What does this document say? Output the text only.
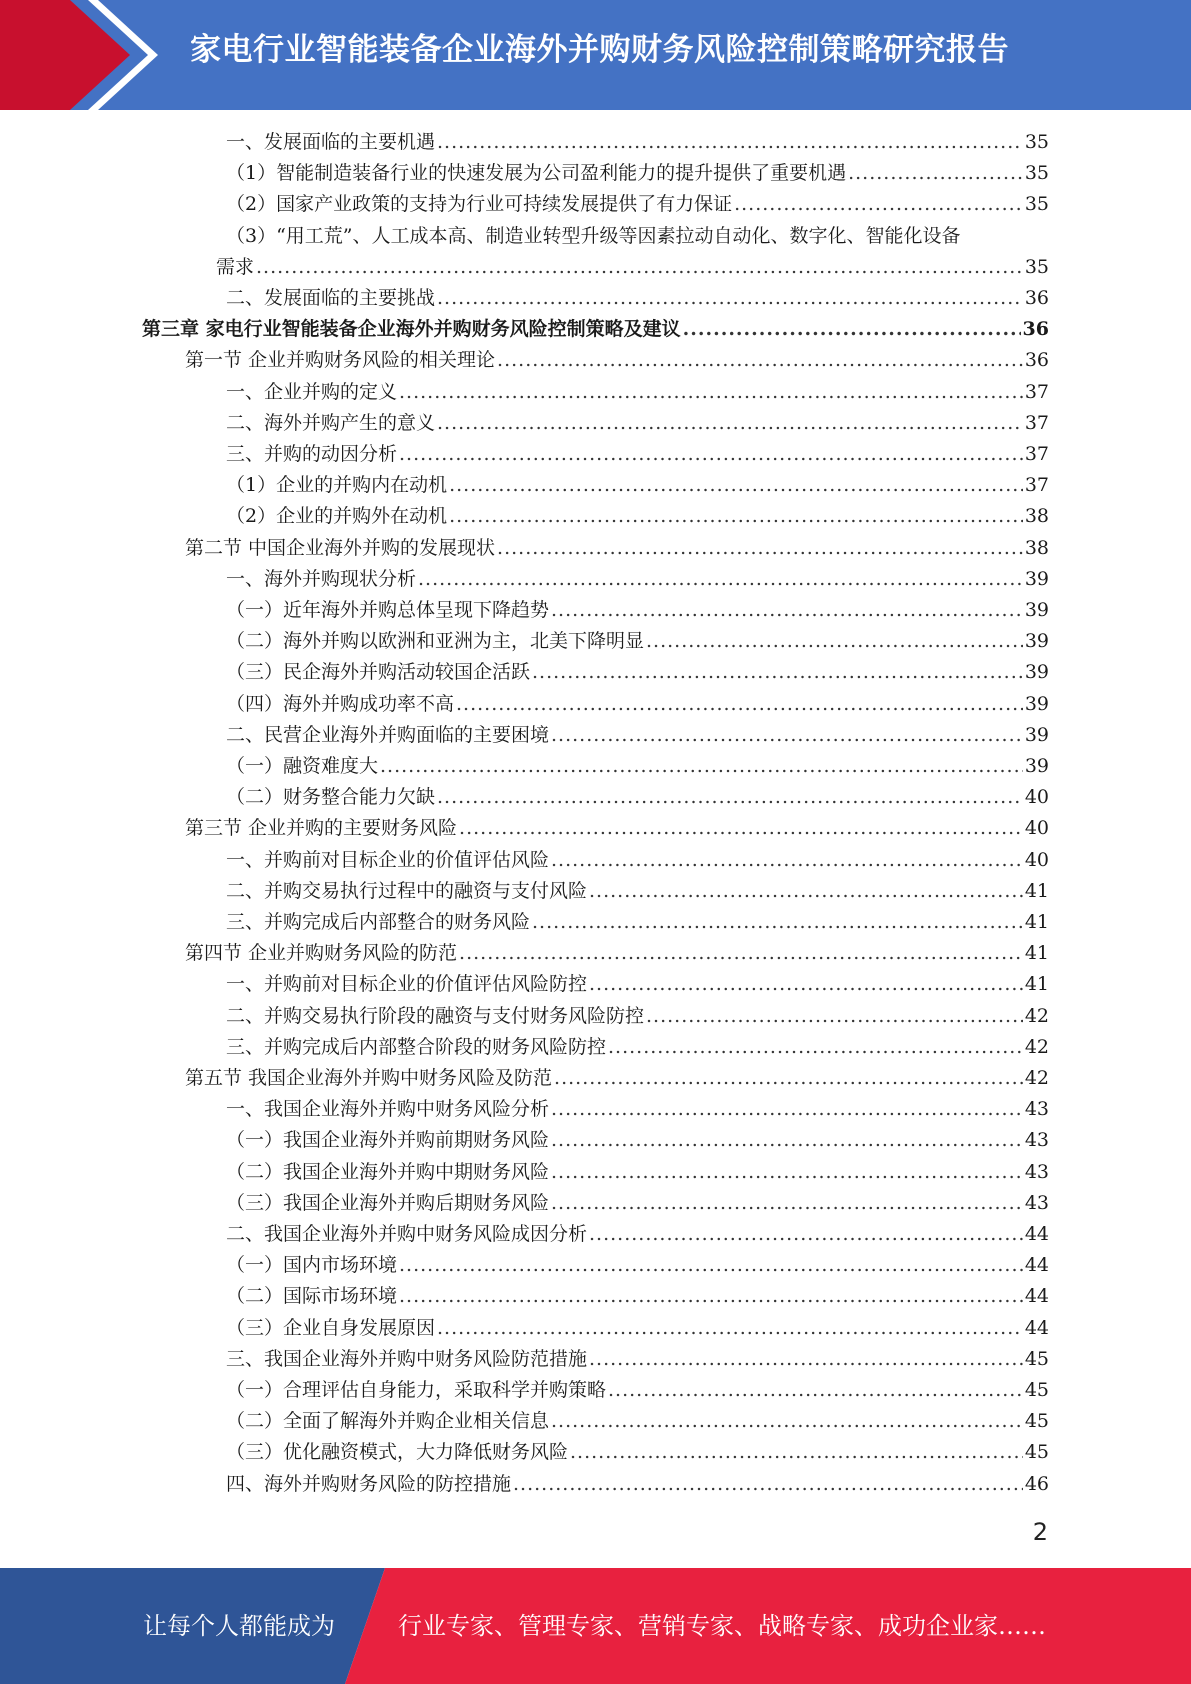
家电行业智能装备企业海外并购财务风险控制策略研究报告
一、发展面临的主要机遇 .....	35
（1）智能制造装备行业的快速发展为公司盈利能力的提升提供了重要机遇 .....	35
（2）国家产业政策的支持为行业可持续发展提供了有力保证 .....	35
（3）“用工荒”、人工成本高、制造业转型升级等因素拉动自动化、数字化、智能化设备
需求 .....	35
二、发展面临的主要挑战 .....	36
第三章 家电行业智能装备企业海外并购财务风险控制策略及建议 .....	36
第一节 企业并购财务风险的相关理论 .....	36
一、企业并购的定义 .....	37
二、海外并购产生的意义 .....	37
三、并购的动因分析 .....	37
（1）企业的并购内在动机 .....	37
（2）企业的并购外在动机 .....	38
第二节 中国企业海外并购的发展现状 .....	38
一、海外并购现状分析 .....	39
（一）近年海外并购总体呈现下降趋势 .....	39
（二）海外并购以欧洲和亚洲为主，北美下降明显 .....	39
（三）民企海外并购活动较国企活跃 .....	39
（四）海外并购成功率不高 .....	39
二、民营企业海外并购面临的主要困境 .....	39
（一）融资难度大 .....	39
（二）财务整合能力欠缺 .....	40
第三节 企业并购的主要财务风险 .....	40
一、并购前对目标企业的价值评估风险 .....	40
二、并购交易执行过程中的融资与支付风险 .....	41
三、并购完成后内部整合的财务风险 .....	41
第四节 企业并购财务风险的防范 .....	41
一、并购前对目标企业的价值评估风险防控 .....	41
二、并购交易执行阶段的融资与支付财务风险防控 .....	42
三、并购完成后内部整合阶段的财务风险防控 .....	42
第五节 我国企业海外并购中财务风险及防范 .....	42
一、我国企业海外并购中财务风险分析 .....	43
（一）我国企业海外并购前期财务风险 .....	43
（二）我国企业海外并购中期财务风险 .....	43
（三）我国企业海外并购后期财务风险 .....	43
二、我国企业海外并购中财务风险成因分析 .....	44
（一）国内市场环境 .....	44
（二）国际市场环境 .....	44
（三）企业自身发展原因 .....	44
三、我国企业海外并购中财务风险防范措施 .....	45
（一）合理评估自身能力，采取科学并购策略 .....	45
（二）全面了解海外并购企业相关信息 .....	45
（三）优化融资模式，大力降低财务风险 .....	45
四、海外并购财务风险的防控措施 .....	46
2
让每个人都能成为	行业专家、管理专家、营销专家、战略专家、成功企业家……
